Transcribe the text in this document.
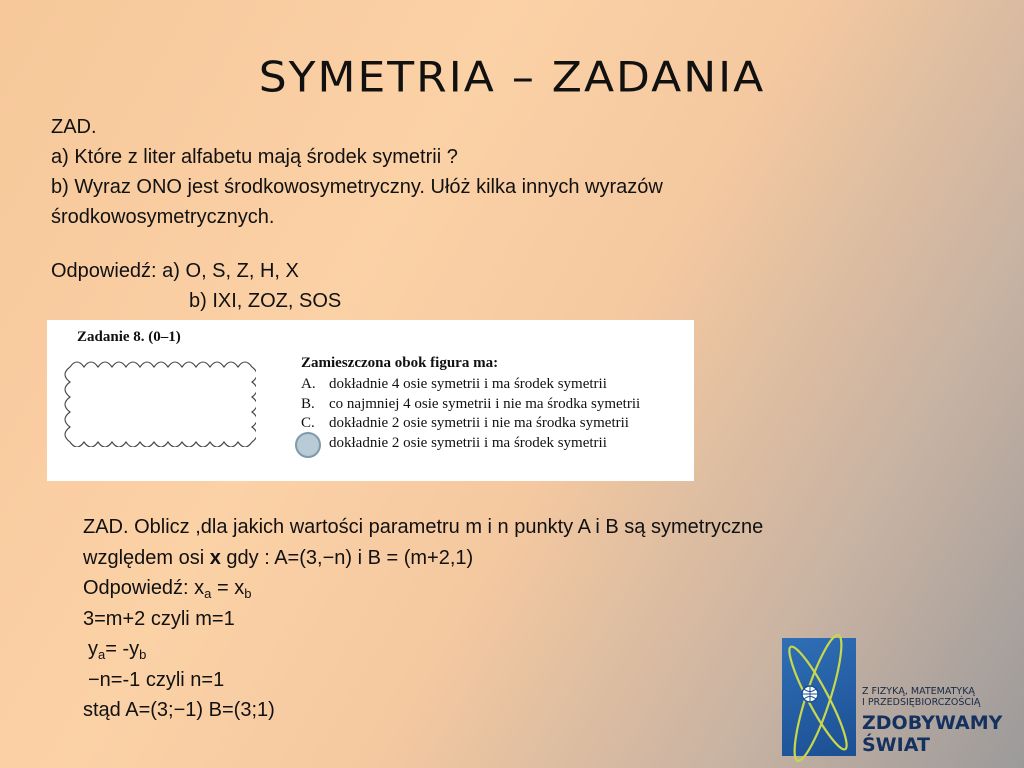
SYMETRIA – ZADANIA
ZAD.
a) Które z liter alfabetu mają środek symetrii ?
b) Wyraz ONO jest środkowosymetryczny. Ułóż kilka innych wyrazów
środkowosymetrycznych.
Odpowiedź: a) O, S, Z, H, X
b) IXI, ZOZ, SOS
Zadanie 8. (0–1)
Zamieszczona obok figura ma:
A. dokładnie 4 osie symetrii i ma środek symetrii
B. co najmniej 4 osie symetrii i nie ma środka symetrii
C. dokładnie 2 osie symetrii i nie ma środka symetrii
dokładnie 2 osie symetrii i ma środek symetrii
ZAD. Oblicz ,dla jakich wartości parametru m i n punkty A i B są symetryczne
względem osi x gdy : A=(3,−n) i B = (m+2,1)
Odpowiedź: $x_a = x_b$
3=m+2 czyli m=1
$y_a= -y_b$
−n=-1 czyli n=1
stąd A=(3;−1) B=(3;1)
Z FIZYKĄ, MATEMATYKĄ
I PRZEDSIĘBIORCZOŚCIĄ
ZDOBYWAMY
ŚWIAT
